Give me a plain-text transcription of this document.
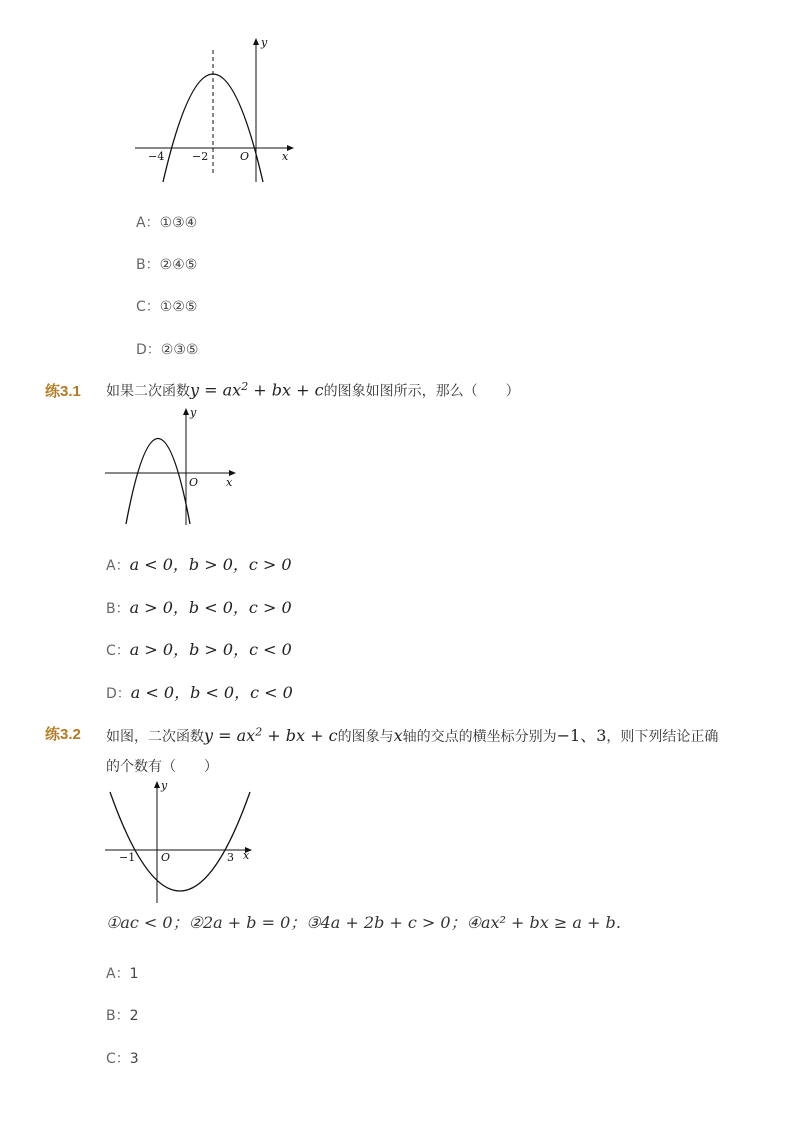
−4	−2	O	x
y
A：①③④
B：②④⑤
C：①②⑤
D：②③⑤
练3.1 如果二次函数$y = ax^2$ + bx + c的图象如图所示，那么（　　）
O	x
y
A：a < 0，b > 0，c > 0
B：a > 0，b < 0，c > 0
C：a > 0，b > 0，c < 0
D：a < 0，b < 0，c < 0
练3.2 如图，二次函数$y = ax^2$ + bx + c的图象与x轴的交点的横坐标分别为−1、3，则下列结论正确
的个数有（　　）
−1	3
O	x
y
①ac < 0；②2a + b = 0；③4a + 2b + c > 0；④ax² + bx ≥ a + b．
A：1
B：2
C：3
